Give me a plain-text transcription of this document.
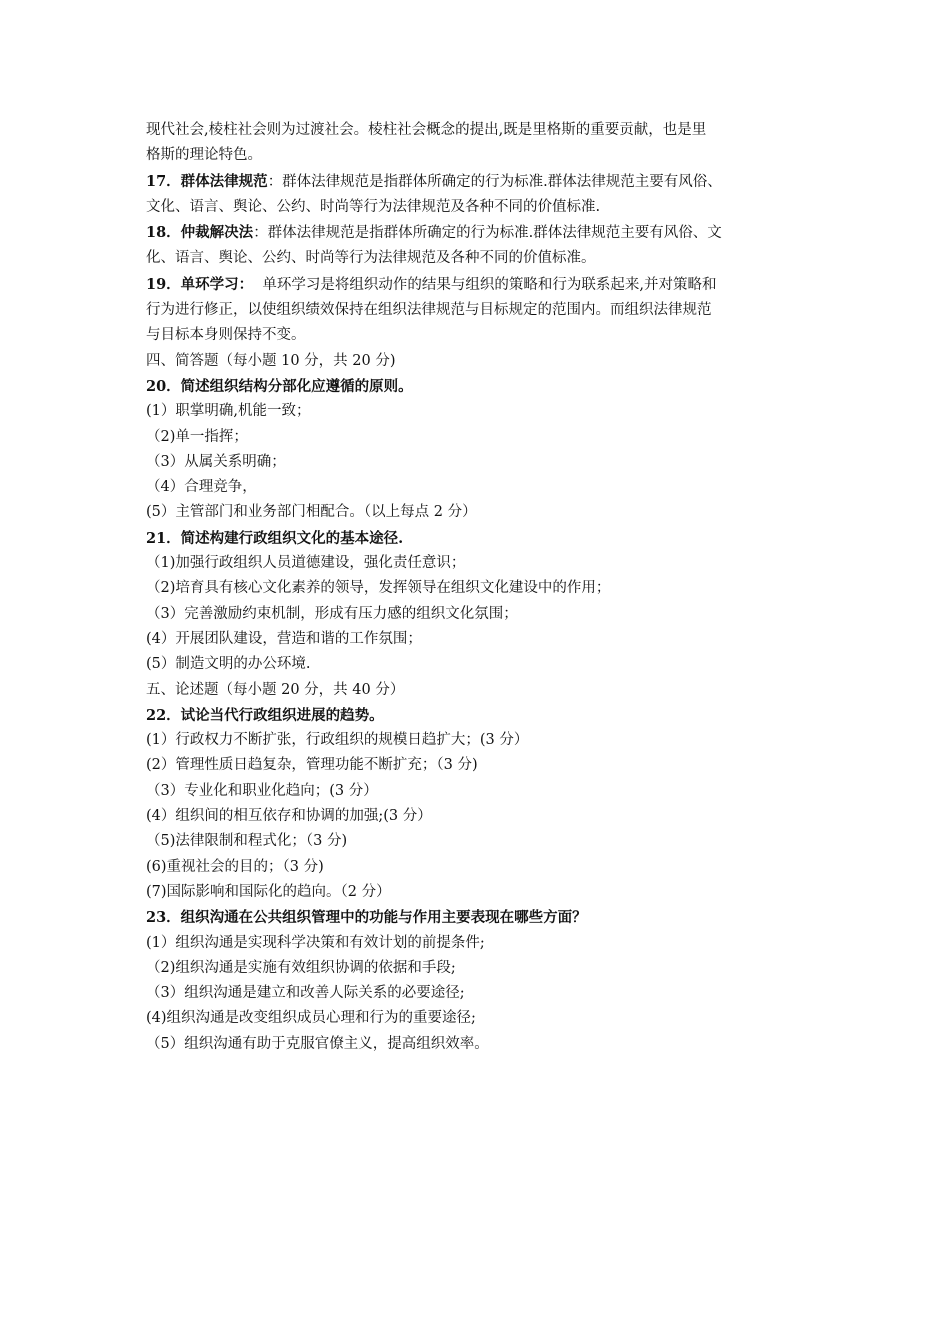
现代社会,棱柱社会则为过渡社会。棱柱社会概念的提出,既是里格斯的重要贡献，也是里

格斯的理论特色。

17．群体法律规范：群体法律规范是指群体所确定的行为标准.群体法律规范主要有风俗、

文化、语言、舆论、公约、时尚等行为法律规范及各种不同的价值标准.

18．仲裁解决法：群体法律规范是指群体所确定的行为标准.群体法律规范主要有风俗、文

化、语言、舆论、公约、时尚等行为法律规范及各种不同的价值标准。

19．单环学习：  单环学习是将组织动作的结果与组织的策略和行为联系起来,并对策略和

行为进行修正，以使组织绩效保持在组织法律规范与目标规定的范围内。而组织法律规范

与目标本身则保持不变。

四、简答题（每小题 10 分，共 20 分)

20．简述组织结构分部化应遵循的原则。

(1）职掌明确,机能一致；

（2)单一指挥；

（3）从属关系明确；

（4）合理竞争，

(5）主管部门和业务部门相配合。（以上每点 2 分）

21．简述构建行政组织文化的基本途径.

（1)加强行政组织人员道德建设，强化责任意识；

（2)培育具有核心文化素养的领导，发挥领导在组织文化建设中的作用；

（3）完善激励约束机制，形成有压力感的组织文化氛围；

(4）开展团队建设，营造和谐的工作氛围；

(5）制造文明的办公环境.

五、论述题（每小题 20 分，共 40 分）

22．试论当代行政组织进展的趋势。

(1）行政权力不断扩张，行政组织的规模日趋扩大；(3 分）

(2）管理性质日趋复杂，管理功能不断扩充；（3 分)

（3）专业化和职业化趋向；(3 分）

(4）组织间的相互依存和协调的加强;(3 分）

（5)法律限制和程式化；（3 分)

(6)重视社会的目的；（3 分)

(7)国际影响和国际化的趋向。（2 分）

23．组织沟通在公共组织管理中的功能与作用主要表现在哪些方面？

(1）组织沟通是实现科学决策和有效计划的前提条件;

（2)组织沟通是实施有效组织协调的依据和手段;

（3）组织沟通是建立和改善人际关系的必要途径;

(4)组织沟通是改变组织成员心理和行为的重要途径;

（5）组织沟通有助于克服官僚主义，提高组织效率。
